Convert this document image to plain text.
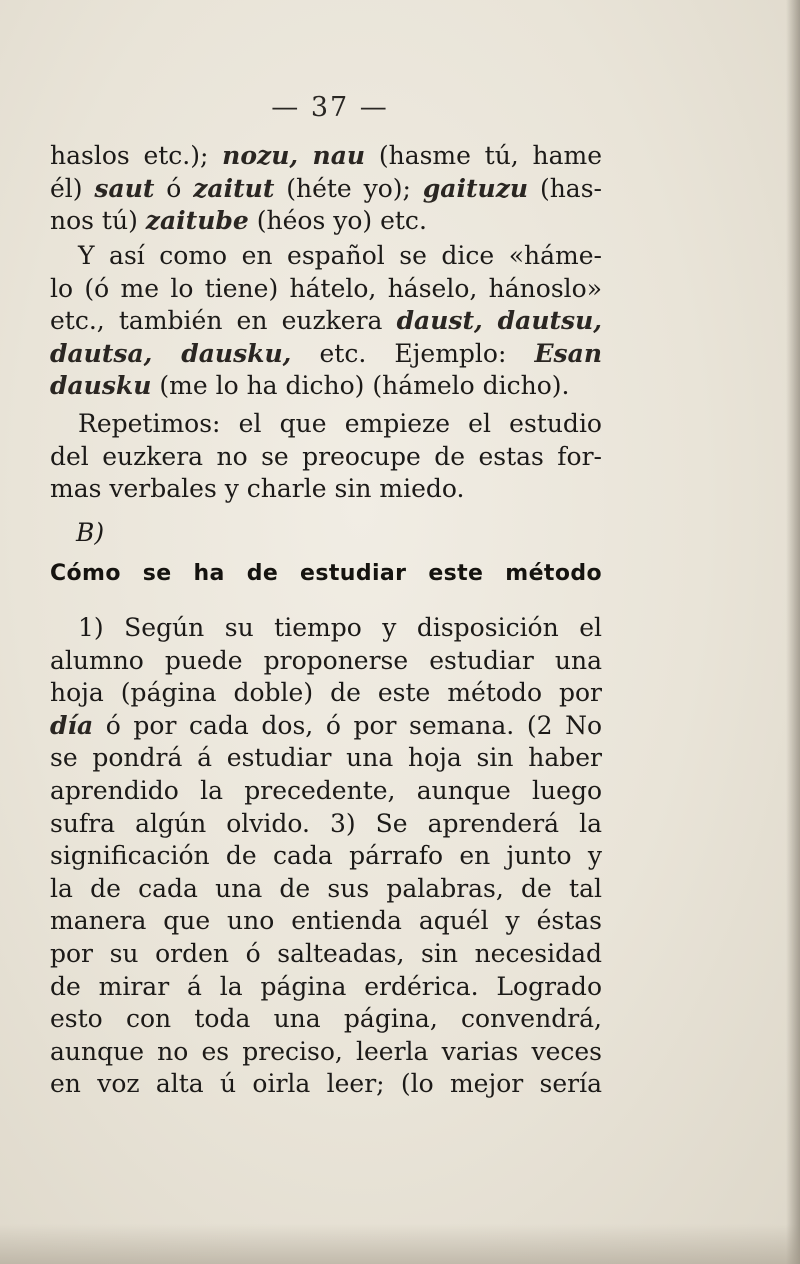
— 37 —

haslos etc.); nozu, nau (hasme tú, hame
él) saut ó zaitut (héte yo); gaituzu (has-
nos tú) zaitube (héos yo) etc.

Y así como en español se dice «háme-
lo (ó me lo tiene) hátelo, háselo, hánoslo»
etc., también en euzkera daust, dautsu,
dautsa, dausku, etc. Ejemplo: Esan
dausku (me lo ha dicho) (hámelo dicho).

Repetimos: el que empieze el estudio
del euzkera no se preocupe de estas for-
mas verbales y charle sin miedo.

B)

Cómo se ha de estudiar este método

1) Según su tiempo y disposición el
alumno puede proponerse estudiar una
hoja (página doble) de este método por
día ó por cada dos, ó por semana. (2 No
se pondrá á estudiar una hoja sin haber
aprendido la precedente, aunque luego
sufra algún olvido. 3) Se aprenderá la
significación de cada párrafo en junto y
la de cada una de sus palabras, de tal
manera que uno entienda aquél y éstas
por su orden ó salteadas, sin necesidad
de mirar á la página erdérica. Logrado
esto con toda una página, convendrá,
aunque no es preciso, leerla varias veces
en voz alta ú oirla leer; (lo mejor sería
